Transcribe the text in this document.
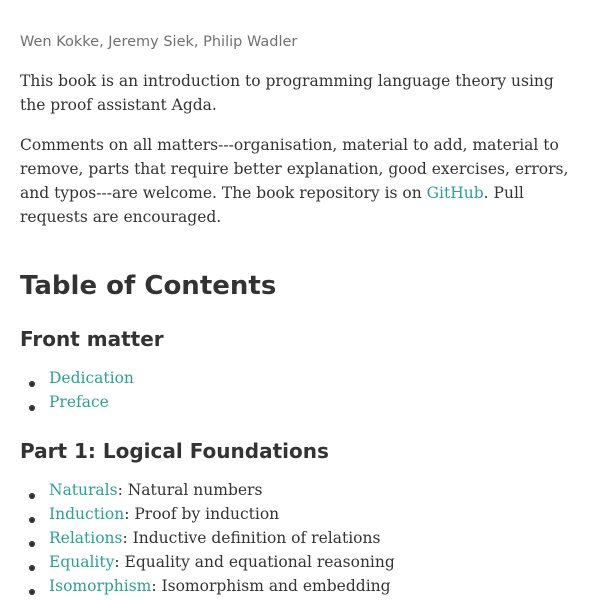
Wen Kokke, Jeremy Siek, Philip Wadler

This book is an introduction to programming language theory using the proof assistant Agda.

Comments on all matters---organisation, material to add, material to remove, parts that require better explanation, good exercises, errors, and typos---are welcome. The book repository is on GitHub. Pull requests are encouraged.

Table of Contents
Front matter
Dedication
Preface
Part 1: Logical Foundations
Naturals: Natural numbers
Induction: Proof by induction
Relations: Inductive definition of relations
Equality: Equality and equational reasoning
Isomorphism: Isomorphism and embedding
